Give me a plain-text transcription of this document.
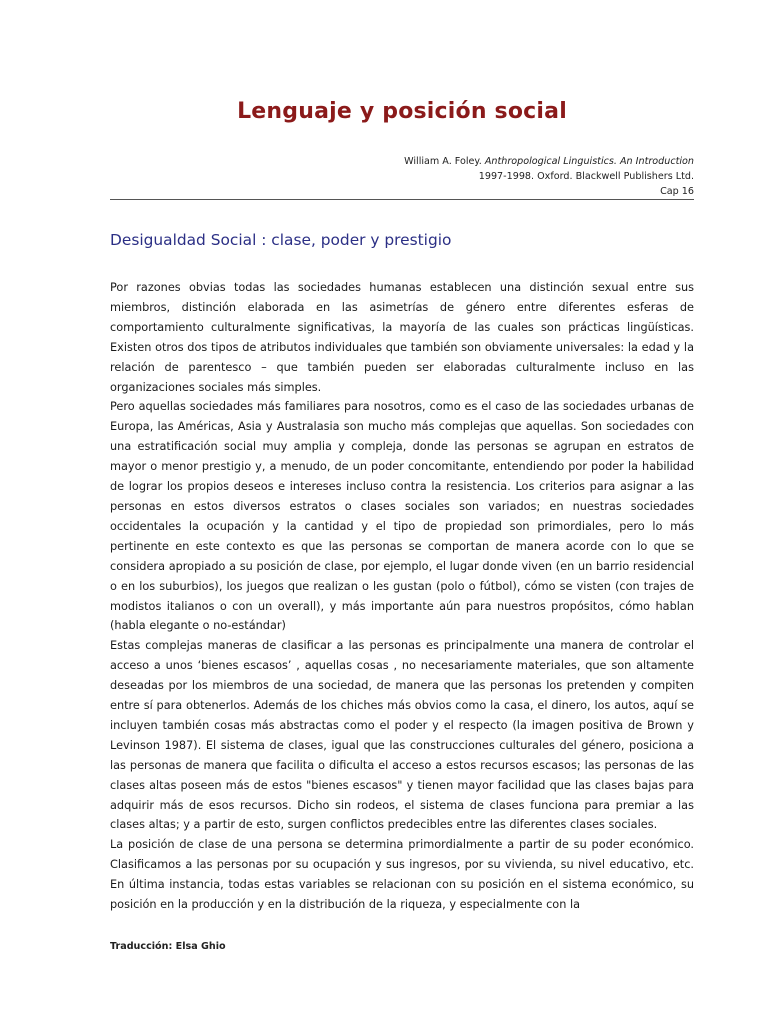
Lenguaje y posición social
William A. Foley. Anthropological Linguistics. An Introduction
1997-1998. Oxford. Blackwell Publishers Ltd.
Cap 16
Desigualdad Social : clase, poder y prestigio

Por razones obvias todas las sociedades humanas establecen una distinción sexual entre sus miembros, distinción elaborada en las asimetrías de género entre diferentes esferas de comportamiento culturalmente significativas, la mayoría de las cuales son prácticas lingüísticas. Existen otros dos tipos de atributos individuales que también son obviamente universales: la edad y la relación de parentesco – que también pueden ser elaboradas culturalmente incluso en las organizaciones sociales más simples.

Pero aquellas sociedades más familiares para nosotros, como es el caso de las sociedades urbanas de Europa, las Américas, Asia y Australasia son mucho más complejas que aquellas. Son sociedades con una estratificación social muy amplia y compleja, donde las personas se agrupan en estratos de mayor o menor prestigio y, a menudo, de un poder concomitante, entendiendo por poder la habilidad de lograr los propios deseos e intereses incluso contra la resistencia. Los criterios para asignar a las personas en estos diversos estratos o clases sociales son variados; en nuestras sociedades occidentales la ocupación y la cantidad y el tipo de propiedad son primordiales, pero lo más pertinente en este contexto es que las personas se comportan de manera acorde con lo que se considera apropiado a su posición de clase, por ejemplo, el lugar donde viven (en un barrio residencial o en los suburbios), los juegos que realizan o les gustan (polo o fútbol), cómo se visten (con trajes de modistos italianos o con un overall), y más importante aún para nuestros propósitos, cómo hablan (habla elegante o no-estándar)

Estas complejas maneras de clasificar a las personas es principalmente una manera de controlar el acceso a unos ‘bienes escasos’ , aquellas cosas , no necesariamente materiales, que son altamente deseadas por los miembros de una sociedad, de manera que las personas los pretenden y compiten entre sí para obtenerlos. Además de los chiches más obvios como la casa, el dinero, los autos, aquí se incluyen también cosas más abstractas como el poder y el respecto (la imagen positiva de Brown y Levinson 1987). El sistema de clases, igual que las construcciones culturales del género, posiciona a las personas de manera que facilita o dificulta el acceso a estos recursos escasos; las personas de las clases altas poseen más de estos "bienes escasos" y tienen mayor facilidad que las clases bajas para adquirir más de esos recursos. Dicho sin rodeos, el sistema de clases funciona para premiar a las clases altas; y a partir de esto, surgen conflictos predecibles entre las diferentes clases sociales.

La posición de clase de una persona se determina primordialmente a partir de su poder económico. Clasificamos a las personas por su ocupación y sus ingresos, por su vivienda, su nivel educativo, etc. En última instancia, todas estas variables se relacionan con su posición en el sistema económico, su posición en la producción y en la distribución de la riqueza, y especialmente con la

Traducción: Elsa Ghio
